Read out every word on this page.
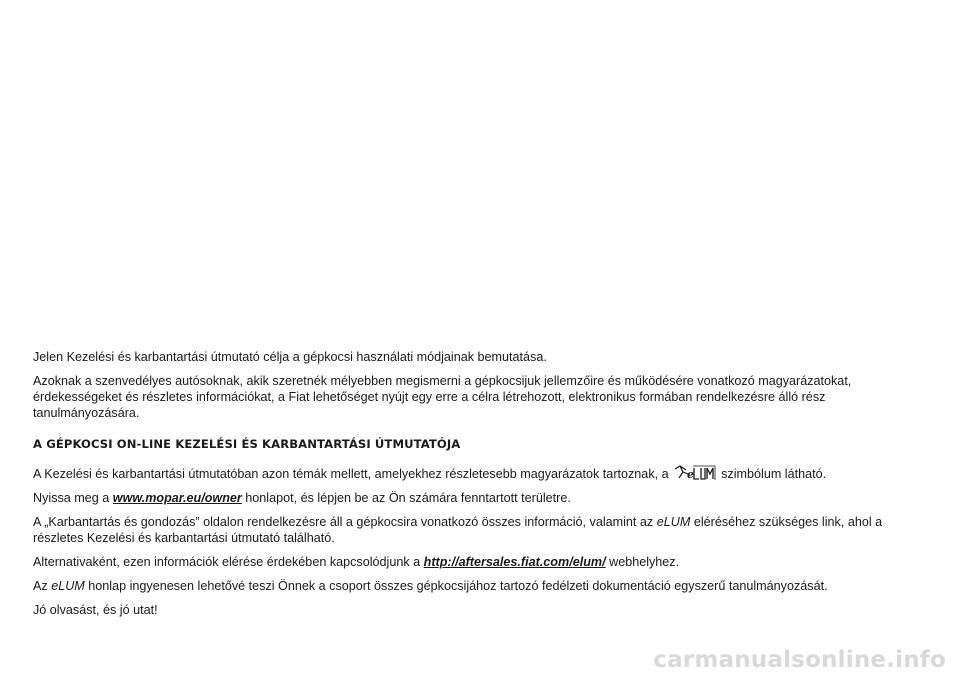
Jelen Kezelési és karbantartási útmutató célja a gépkocsi használati módjainak bemutatása.

Azoknak a szenvedélyes autósoknak, akik szeretnék mélyebben megismerni a gépkocsijuk jellemzőire és működésére vonatkozó magyarázatokat, érdekességeket és részletes információkat, a Fiat lehetőséget nyújt egy erre a célra létrehozott, elektronikus formában rendelkezésre álló rész tanulmányozására.

A GÉPKOCSI ON-LINE KEZELÉSI ÉS KARBANTARTÁSI ÚTMUTATÓJA

A Kezelési és karbantartási útmutatóban azon témák mellett, amelyekhez részletesebb magyarázatok tartoznak, a e szimbólum látható.

Nyissa meg a www.mopar.eu/owner honlapot, és lépjen be az Ön számára fenntartott területre.

A „Karbantartás és gondozás” oldalon rendelkezésre áll a gépkocsira vonatkozó összes információ, valamint az eLUM eléréséhez szükséges link, ahol a részletes Kezelési és karbantartási útmutató található.

Alternativaként, ezen információk elérése érdekében kapcsolódjunk a http://aftersales.fiat.com/elum/ webhelyhez.

Az eLUM honlap ingyenesen lehetővé teszi Önnek a csoport összes gépkocsijához tartozó fedélzeti dokumentáció egyszerű tanulmányozását.

Jó olvasást, és jó utat!

carmanualsonline.info
